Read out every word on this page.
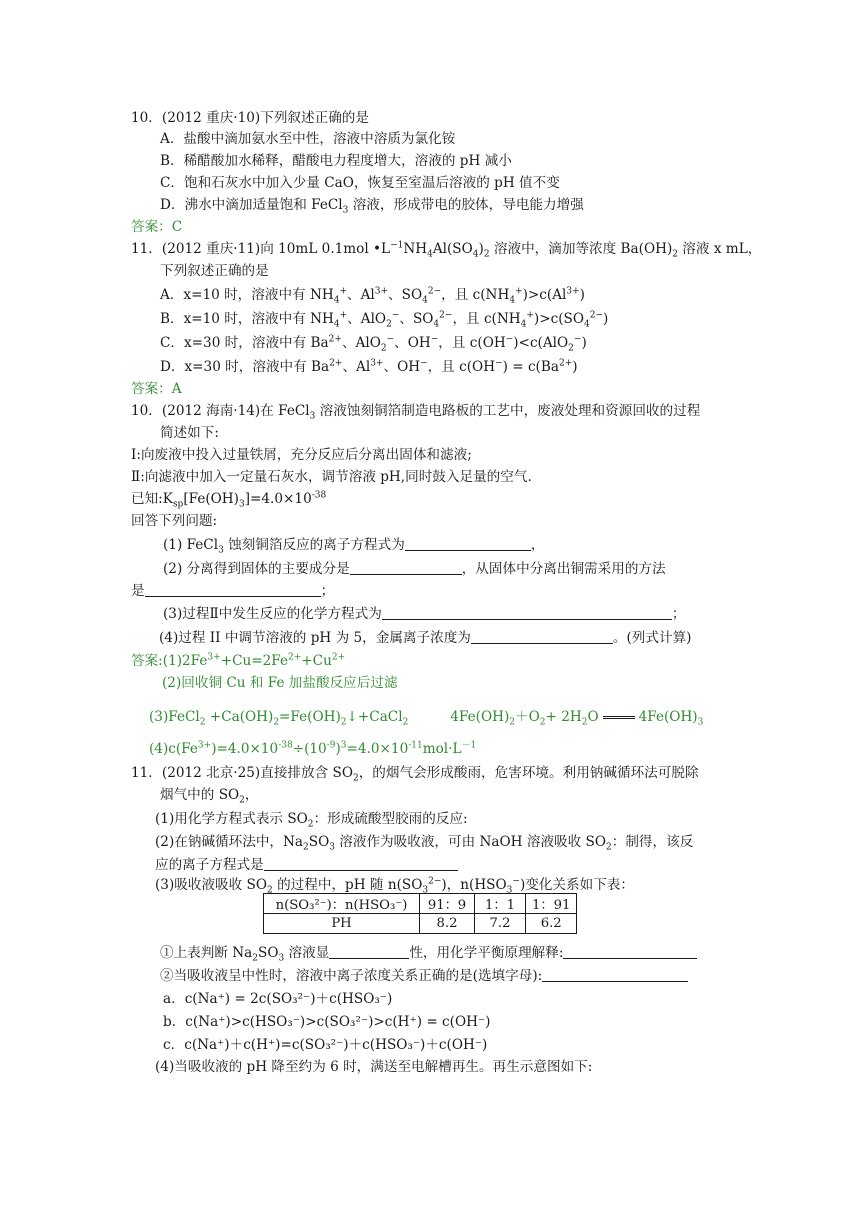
10．(2012 重庆·10)下列叙述正确的是
A．盐酸中滴加氨水至中性，溶液中溶质为氯化铵
B．稀醋酸加水稀释，醋酸电力程度增大，溶液的 pH 减小
C．饱和石灰水中加入少量 CaO，恢复至室温后溶液的 pH 值不变
D．沸水中滴加适量饱和 FeCl$_3$ 溶液，形成带电的胶体，导电能力增强
答案：C
11．(2012 重庆·11)向 10mL 0.1mol $•L^{-1}NH_4Al(SO_4)_2$ 溶液中，滴加等浓度 $Ba(OH)_2$ 溶液 x mL，
下列叙述正确的是
A．x=10 时，溶液中有 $NH_4^+$、$Al^{3+}$、$SO_4^{2-}$，且 $c(NH_4^+)>c(Al^{3+})$
B．x=10 时，溶液中有 $NH_4^+$、AlO$_2$−、$SO_4^{2-}$，且 $c(NH_4^+)>c(SO_4^{2-})$
C．x=30 时，溶液中有 $Ba^{2+}$、AlO$_2$−、OH−，且 c(OH−)<c(AlO$_2$−)
D．x=30 时，溶液中有 $Ba^{2+}$、$Al^{3+}$、OH−，且 $c(OH^-) = c(Ba^{2+})$
答案：A
10．(2012 海南·14)在 FeCl$_3$ 溶液蚀刻铜箔制造电路板的工艺中，废液处理和资源回收的过程
简述如下:
Ⅰ:向废液中投入过量铁屑，充分反应后分离出固体和滤液;
Ⅱ:向滤液中加入一定量石灰水，调节溶液 pH,同时鼓入足量的空气.
已知$:K_{sp}[Fe(OH)_3]=4.0\times 10^{-38}$
回答下列问题:
(1) FeCl$_3$ 蚀刻铜箔反应的离子方程式为	，
(2) 分离得到固体的主要成分是	，从固体中分离出铜需采用的方法
是	；
(3)过程Ⅱ中发生反应的化学方程式为	；
(4)过程 II 中调节溶液的 pH 为 5，金属离子浓度为	。(列式计算)
答案$:(1)2Fe^{3+}+Cu=2Fe^{2+}+Cu^{2+}$
(2)回收铜 Cu 和 Fe 加盐酸反应后过滤
(3)FeCl$_2$ $+Ca(OH)_2=Fe(OH)_2↓+CaCl_2$	$4Fe(OH)_2+O_2+ 2H_2O$	$4Fe(OH)_3$
$(4)c(Fe^{3+})=4.0\times 10^{-38}\div(10^{-9})^3=4.0\times 10^{-11}mol\cdot L^{-1}$
11．(2012 北京·25)直接排放含 $SO_2$，的烟气会形成酸雨，危害环境。利用钠碱循环法可脱除
烟气中的 $SO_2$，
(1)用化学方程式表示 $SO_2$：形成硫酸型胶雨的反应:
(2)在钠碱循环法中，$Na_2SO_3$ 溶液作为吸收液，可由 NaOH 溶液吸收 $SO_2$：制得，该反
应的离子方程式是
(3)吸收液吸收 $SO_2$ 的过程中，pH 随 $n(SO_3^{2-})$，$n(HSO_3^-)$变化关系如下表：
n(SO₃²⁻)：n(HSO₃⁻)	91：9	1：1	1：91
PH	8.2	7.2	6.2
①上表判断 $Na_2SO_3$ 溶液显	性，用化学平衡原理解释:
②当吸收液呈中性时，溶液中离子浓度关系正确的是(选填字母):
a．c(Na⁺) = 2c(SO₃²⁻)＋c(HSO₃⁻)
b．c(Na⁺)>c(HSO₃⁻)>c(SO₃²⁻)>c(H⁺) = c(OH⁻)
c．c(Na⁺)＋c(H⁺)=c(SO₃²⁻)＋c(HSO₃⁻)＋c(OH⁻)
(4)当吸收液的 pH 降至约为 6 时，满送至电解槽再生。再生示意图如下:
